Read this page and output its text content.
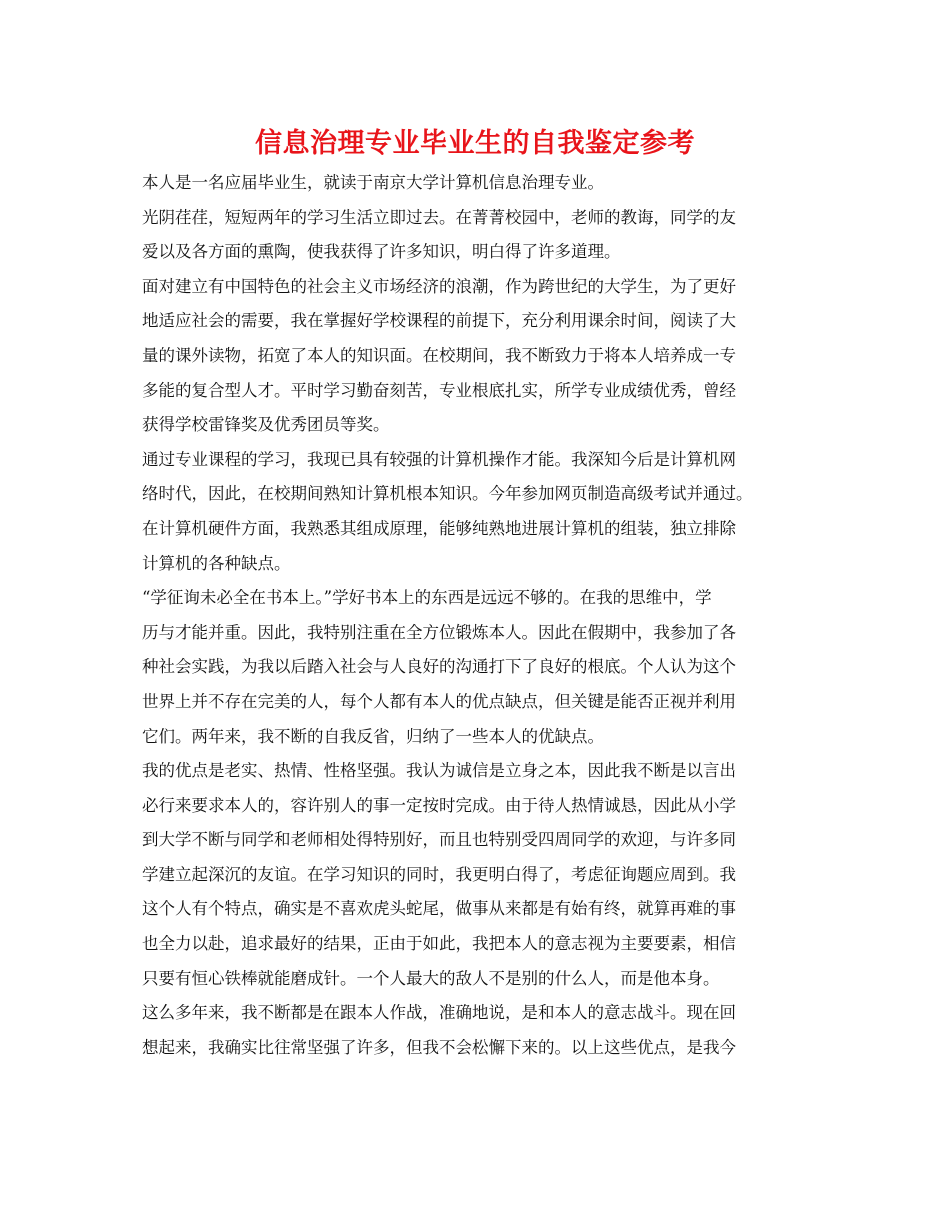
信息治理专业毕业生的自我鉴定参考

本人是一名应届毕业生，就读于南京大学计算机信息治理专业。

光阴荏荏，短短两年的学习生活立即过去。在菁菁校园中，老师的教诲，同学的友

爱以及各方面的熏陶，使我获得了许多知识，明白得了许多道理。

面对建立有中国特色的社会主义市场经济的浪潮，作为跨世纪的大学生，为了更好

地适应社会的需要，我在掌握好学校课程的前提下，充分利用课余时间，阅读了大

量的课外读物，拓宽了本人的知识面。在校期间，我不断致力于将本人培养成一专

多能的复合型人才。平时学习勤奋刻苦，专业根底扎实，所学专业成绩优秀，曾经

获得学校雷锋奖及优秀团员等奖。

通过专业课程的学习，我现已具有较强的计算机操作才能。我深知今后是计算机网

络时代，因此，在校期间熟知计算机根本知识。今年参加网页制造高级考试并通过。

在计算机硬件方面，我熟悉其组成原理，能够纯熟地进展计算机的组装，独立排除

计算机的各种缺点。

“学征询未必全在书本上。”学好书本上的东西是远远不够的。在我的思维中，学

历与才能并重。因此，我特别注重在全方位锻炼本人。因此在假期中，我参加了各

种社会实践，为我以后踏入社会与人良好的沟通打下了良好的根底。个人认为这个

世界上并不存在完美的人，每个人都有本人的优点缺点，但关键是能否正视并利用

它们。两年来，我不断的自我反省，归纳了一些本人的优缺点。

我的优点是老实、热情、性格坚强。我认为诚信是立身之本，因此我不断是以言出

必行来要求本人的，容许别人的事一定按时完成。由于待人热情诚恳，因此从小学

到大学不断与同学和老师相处得特别好，而且也特别受四周同学的欢迎，与许多同

学建立起深沉的友谊。在学习知识的同时，我更明白得了，考虑征询题应周到。我

这个人有个特点，确实是不喜欢虎头蛇尾，做事从来都是有始有终，就算再难的事

也全力以赴，追求最好的结果，正由于如此，我把本人的意志视为主要要素，相信

只要有恒心铁棒就能磨成针。一个人最大的敌人不是别的什么人，而是他本身。

这么多年来，我不断都是在跟本人作战，准确地说，是和本人的意志战斗。现在回

想起来，我确实比往常坚强了许多，但我不会松懈下来的。以上这些优点，是我今
